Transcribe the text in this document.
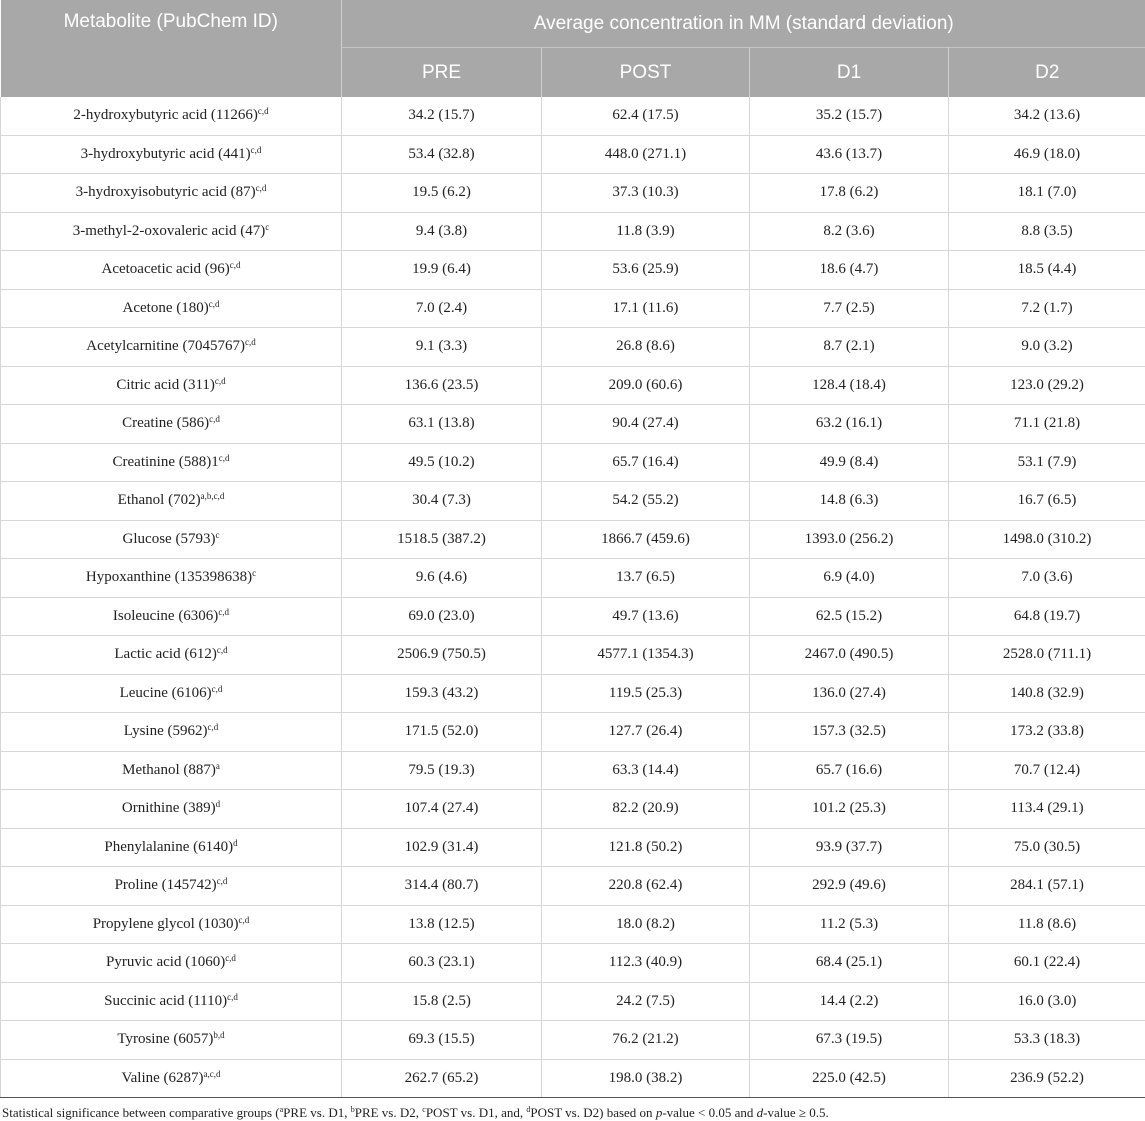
Metabolite (PubChem ID)	Average concentration in MM (standard deviation)			
	PRE	POST	D1	D2
2-hydroxybutyric acid $(11266)^{c,d}$	34.2 (15.7)	62.4 (17.5)	35.2 (15.7)	34.2 (13.6)
3-hydroxybutyric acid $(441)^{c,d}$	53.4 (32.8)	448.0 (271.1)	43.6 (13.7)	46.9 (18.0)
3-hydroxyisobutyric acid $(87)^{c,d}$	19.5 (6.2)	37.3 (10.3)	17.8 (6.2)	18.1 (7.0)
3-methyl-2-oxovaleric acid $(47)^c$	9.4 (3.8)	11.8 (3.9)	8.2 (3.6)	8.8 (3.5)
Acetoacetic acid $(96)^{c,d}$	19.9 (6.4)	53.6 (25.9)	18.6 (4.7)	18.5 (4.4)
Acetone $(180)^{c,d}$	7.0 (2.4)	17.1 (11.6)	7.7 (2.5)	7.2 (1.7)
Acetylcarnitine $(7045767)^{c,d}$	9.1 (3.3)	26.8 (8.6)	8.7 (2.1)	9.0 (3.2)
Citric acid $(311)^{c,d}$	136.6 (23.5)	209.0 (60.6)	128.4 (18.4)	123.0 (29.2)
Creatine $(586)^{c,d}$	63.1 (13.8)	90.4 (27.4)	63.2 (16.1)	71.1 (21.8)
Creatinine (588)1$^{c,d}$	49.5 (10.2)	65.7 (16.4)	49.9 (8.4)	53.1 (7.9)
Ethanol $(702)^{a,b,c,d}$	30.4 (7.3)	54.2 (55.2)	14.8 (6.3)	16.7 (6.5)
Glucose $(5793)^c$	1518.5 (387.2)	1866.7 (459.6)	1393.0 (256.2)	1498.0 (310.2)
Hypoxanthine $(135398638)^c$	9.6 (4.6)	13.7 (6.5)	6.9 (4.0)	7.0 (3.6)
Isoleucine $(6306)^{c,d}$	69.0 (23.0)	49.7 (13.6)	62.5 (15.2)	64.8 (19.7)
Lactic acid $(612)^{c,d}$	2506.9 (750.5)	4577.1 (1354.3)	2467.0 (490.5)	2528.0 (711.1)
Leucine $(6106)^{c,d}$	159.3 (43.2)	119.5 (25.3)	136.0 (27.4)	140.8 (32.9)
Lysine $(5962)^{c,d}$	171.5 (52.0)	127.7 (26.4)	157.3 (32.5)	173.2 (33.8)
Methanol $(887)^a$	79.5 (19.3)	63.3 (14.4)	65.7 (16.6)	70.7 (12.4)
Ornithine $(389)^d$	107.4 (27.4)	82.2 (20.9)	101.2 (25.3)	113.4 (29.1)
Phenylalanine $(6140)^d$	102.9 (31.4)	121.8 (50.2)	93.9 (37.7)	75.0 (30.5)
Proline $(145742)^{c,d}$	314.4 (80.7)	220.8 (62.4)	292.9 (49.6)	284.1 (57.1)
Propylene glycol $(1030)^{c,d}$	13.8 (12.5)	18.0 (8.2)	11.2 (5.3)	11.8 (8.6)
Pyruvic acid $(1060)^{c,d}$	60.3 (23.1)	112.3 (40.9)	68.4 (25.1)	60.1 (22.4)
Succinic acid $(1110)^{c,d}$	15.8 (2.5)	24.2 (7.5)	14.4 (2.2)	16.0 (3.0)
Tyrosine $(6057)^{b,d}$	69.3 (15.5)	76.2 (21.2)	67.3 (19.5)	53.3 (18.3)
Valine $(6287)^{a,c,d}$	262.7 (65.2)	198.0 (38.2)	225.0 (42.5)	236.9 (52.2)
Statistical significance between comparative groups ($^a$PRE vs. D1, $^b$PRE vs. D2, $^c$POST vs. D1, and, $^d$POST vs. D2) based on p-value < 0.05 and d-value ≥ 0.5.
